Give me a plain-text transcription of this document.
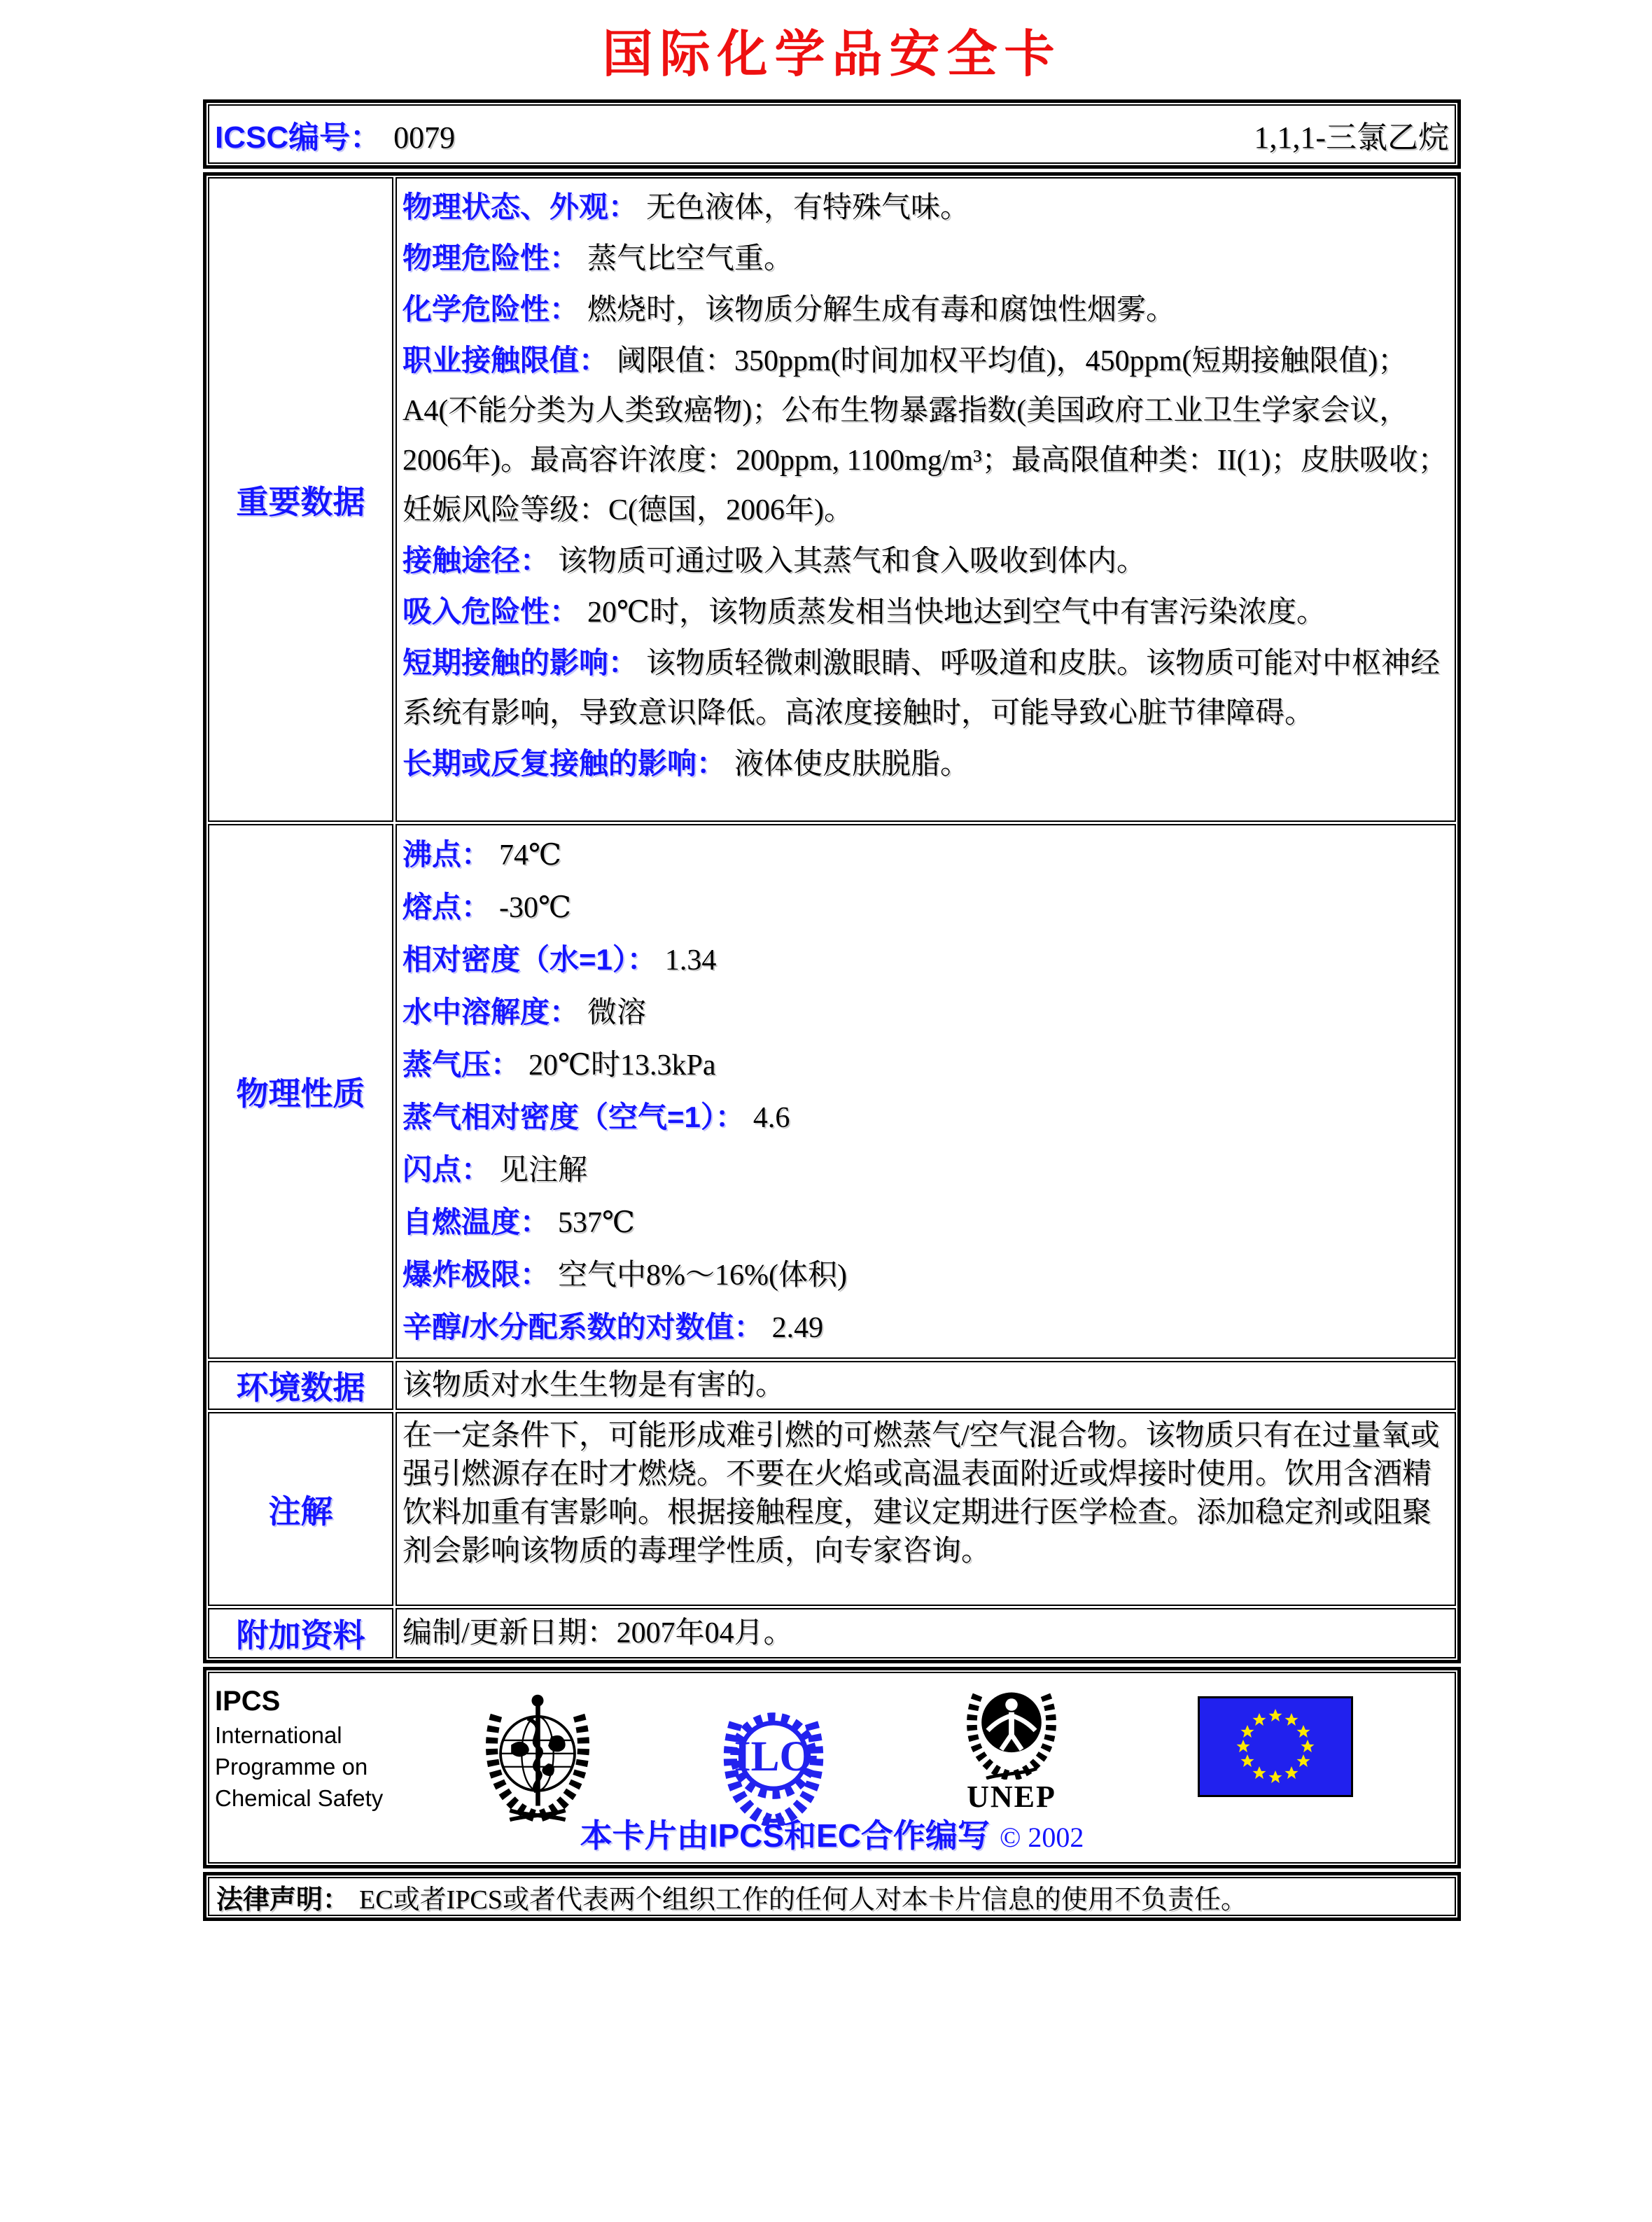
国际化学品安全卡
ICSC编号： 0079	1,1,1-三氯乙烷
重要数据

物理状态、外观： 无色液体，有特殊气味。

物理危险性： 蒸气比空气重。

化学危险性： 燃烧时，该物质分解生成有毒和腐蚀性烟雾。

职业接触限值： 阈限值：350ppm(时间加权平均值)，450ppm(短期接触限值)；A4(不能分类为人类致癌物)；公布生物暴露指数(美国政府工业卫生学家会议，2006年)。最高容许浓度：200ppm, 1100mg/m³；最高限值种类：II(1)；皮肤吸收；妊娠风险等级：C(德国，2006年)。

接触途径： 该物质可通过吸入其蒸气和食入吸收到体内。

吸入危险性： 20℃时，该物质蒸发相当快地达到空气中有害污染浓度。

短期接触的影响： 该物质轻微刺激眼睛、呼吸道和皮肤。该物质可能对中枢神经系统有影响，导致意识降低。高浓度接触时，可能导致心脏节律障碍。

长期或反复接触的影响： 液体使皮肤脱脂。

物理性质

沸点： 74℃

熔点： -30℃

相对密度（水=1）： 1.34

水中溶解度： 微溶

蒸气压： 20℃时13.3kPa

蒸气相对密度（空气=1）： 4.6

闪点： 见注解

自燃温度： 537℃

爆炸极限： 空气中8%～16%(体积)

辛醇/水分配系数的对数值： 2.49

环境数据 该物质对水生生物是有害的。
注解

在一定条件下，可能形成难引燃的可燃蒸气/空气混合物。该物质只有在过量氧或强引燃源存在时才燃烧。不要在火焰或高温表面附近或焊接时使用。饮用含酒精饮料加重有害影响。根据接触程度，建议定期进行医学检查。添加稳定剂或阻聚剂会影响该物质的毒理学性质，向专家咨询。

附加资料 编制/更新日期： 2007年04月。
IPCS
International
Programme on
Chemical Safety
ILO
UNEP
本卡片由IPCS和EC合作编写 © 2002
法律声明： EC或者IPCS或者代表两个组织工作的任何人对本卡片信息的使用不负责任。
